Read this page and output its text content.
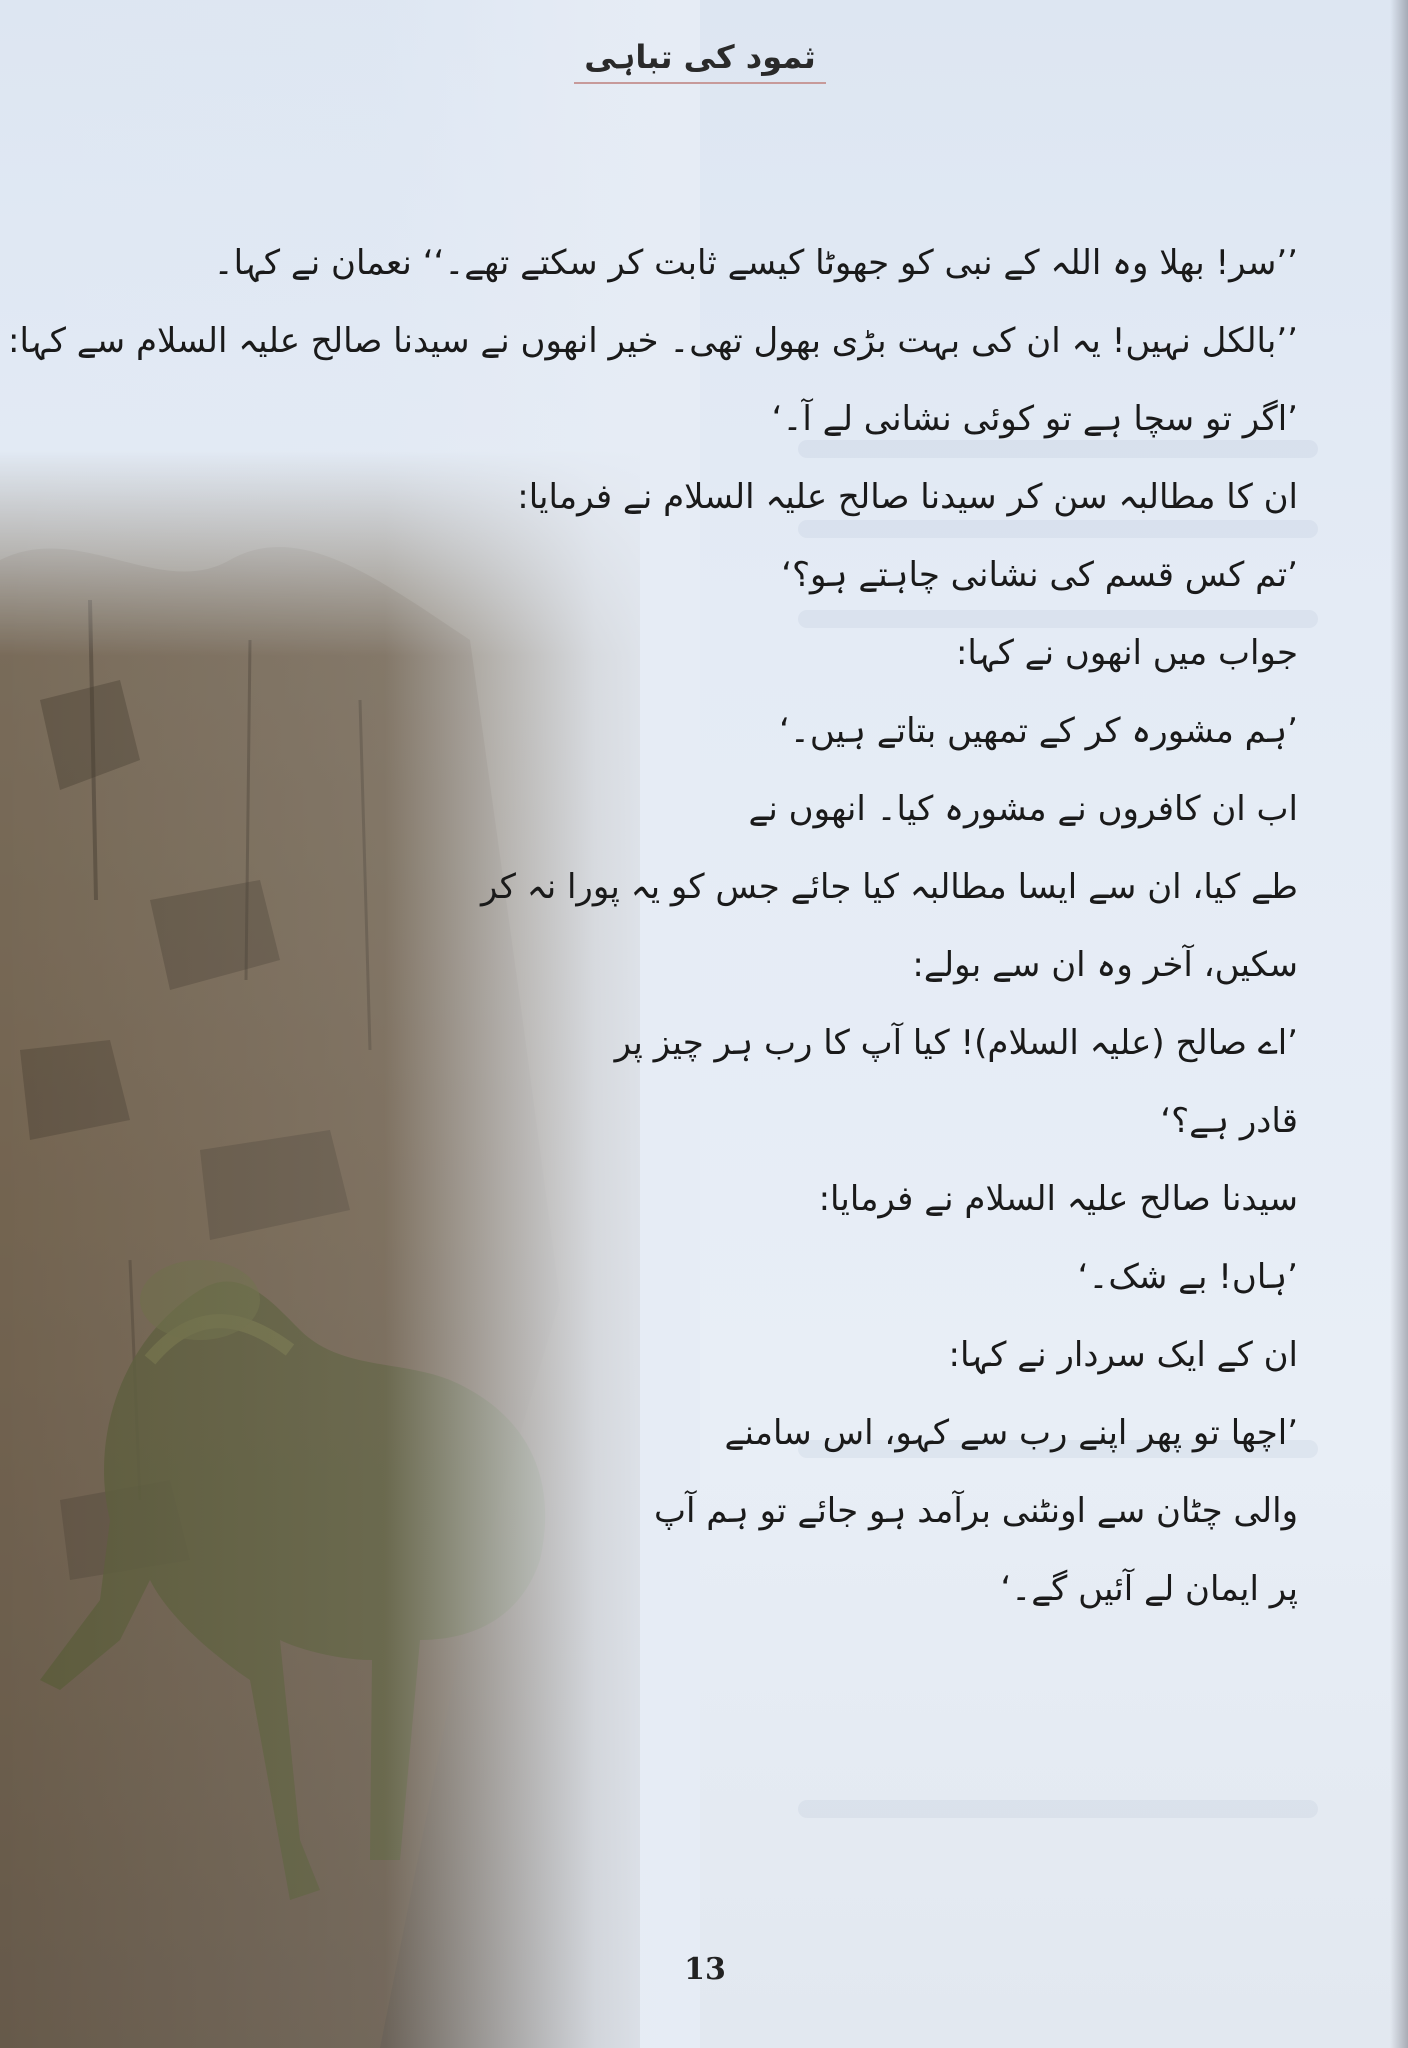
ثمود کی تباہی
’’سر! بھلا وہ اللہ کے نبی کو جھوٹا کیسے ثابت کر سکتے تھے۔‘‘ نعمان نے کہا۔
’’بالکل نہیں! یہ ان کی بہت بڑی بھول تھی۔ خیر انھوں نے سیدنا صالح علیہ السلام سے کہا:
’اگر تو سچا ہے تو کوئی نشانی لے آ۔‘
ان کا مطالبہ سن کر سیدنا صالح علیہ السلام نے فرمایا:
’تم کس قسم کی نشانی چاہتے ہو؟‘
جواب میں انھوں نے کہا:
’ہم مشورہ کر کے تمھیں بتاتے ہیں۔‘
اب ان کافروں نے مشورہ کیا۔ انھوں نے
طے کیا، ان سے ایسا مطالبہ کیا جائے جس کو یہ پورا نہ کر
سکیں، آخر وہ ان سے بولے:
’اے صالح (علیہ السلام)! کیا آپ کا رب ہر چیز پر
قادر ہے؟‘
سیدنا صالح علیہ السلام نے فرمایا:
’ہاں! بے شک۔‘
ان کے ایک سردار نے کہا:
’اچھا تو پھر اپنے رب سے کہو، اس سامنے
والی چٹان سے اونٹنی برآمد ہو جائے تو ہم آپ
پر ایمان لے آئیں گے۔‘
13
